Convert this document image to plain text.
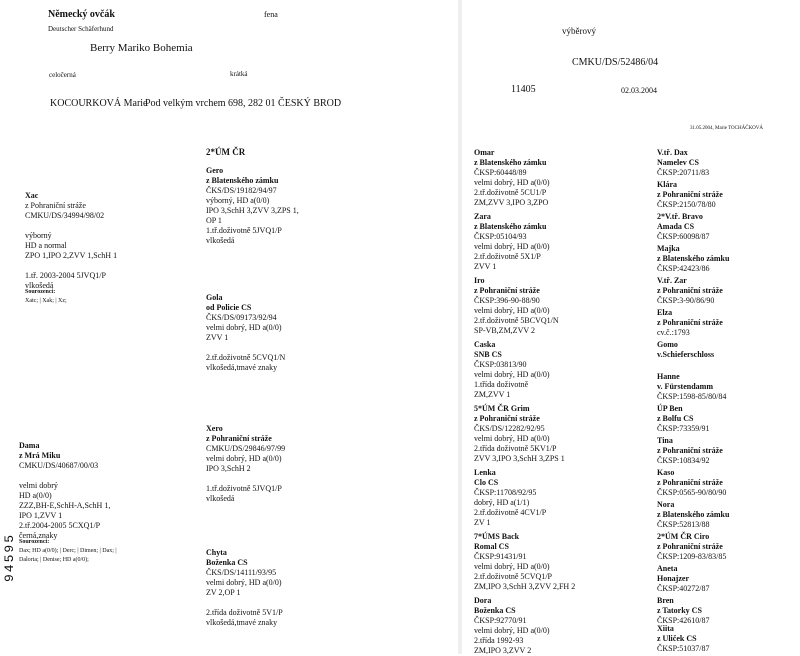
Německý ovčák
Deutscher Schäferhund
fena
výběrový
Berry Mariko Bohemia
CMKU/DS/52486/04
celočerná	krátká
11405	02.03.2004
KOCOURKOVÁ Marie
Pod velkým vrchem 698, 282 01 ČESKÝ BROD
31.05.2004, Marie TOCHÁČKOVÁ
Xac
z Pohraniční stráže
CMKU/DS/34994/98/02

výborný
HD a normal
ZPO 1,IPO 2,ZVV 1,SchH 1

1.tř. 2003-2004 5JVQ1/P
vlkošedá
Sourozenci:
Xatc; | Xak; | Xz;
Dama
z Mrá Miku
CMKU/DS/40687/00/03

velmi dobrý
HD a(0/0)
ZZZ,BH-E,SchH-A,SchH 1,
IPO 1,ZVV 1
2.tř.2004-2005 5CXQ1/P
černá,znaky
Sourozenci:
Dax; HD a(0/0); | Derc; | Dimen; | Dax; |
Dalorta; | Denise; HD a(0/0);
2*ÚM ČR
Gero
z Blatenského zámku
ČKS/DS/19182/94/97
výborný, HD a(0/0)
IPO 3,SchH 3,ZVV 3,ZPS 1,
OP 1
1.tř.doživotně 5JVQ1/P
vlkošedá
Gola
od Policie CS
ČKS/DS/09173/92/94
velmi dobrý, HD a(0/0)
ZVV 1

2.tř.doživotně 5CVQ1/N
vlkošedá,tmavé znaky
Xero
z Pohraniční stráže
CMKU/DS/29846/97/99
velmi dobrý, HD a(0/0)
IPO 3,SchH 2

1.tř.doživotně 5JVQ1/P
vlkošedá
Chyta
Boženka CS
ČKS/DS/14111/93/95
velmi dobrý, HD a(0/0)
ZV 2,OP 1

2.třída doživotně 5V1/P
vlkošedá,tmavé znaky
Omar
z Blatenského zámku
ČKSP:60448/89
velmi dobrý, HD a(0/0)
2.tř.doživotně 5CU1/P
ZM,ZVV 3,IPO 3,ZPO
Zara
z Blatenského zámku
ČKSP:05104/93
velmi dobrý, HD a(0/0)
2.tř.doživotně 5X1/P
ZVV 1
Iro
z Pohraniční stráže
ČKSP:396-90-88/90
velmi dobrý, HD a(0/0)
2.tř.doživotně 5BCVQ1/N
SP-VB,ZM,ZVV 2
Caska
SNB CS
ČKSP:03813/90
velmi dobrý, HD a(0/0)
1.třída doživotně
ZM,ZVV 1
5*ÚM ČR Grim
z Pohraniční stráže
ČKS/DS/12282/92/95
velmi dobrý, HD a(0/0)
2.třída doživotně 5KV1/P
ZVV 3,IPO 3,SchH 3,ZPS 1
Lenka
Clo CS
ČKSP:11708/92/95
dobrý, HD a(1/1)
2.tř.doživotně 4CV1/P
ZV 1
7*ÚMS Back
Romal CS
ČKSP:91431/91
velmi dobrý, HD a(0/0)
2.tř.doživotně 5CVQ1/P
ZM,IPO 3,SchH 3,ZVV 2,FH 2
Dora
Boženka CS
ČKSP:92770/91
velmi dobrý, HD a(0/0)
2.třída 1992-93
ZM,IPO 3,ZVV 2
V.tř. Dax
Namelev CS
ČKSP:20711/83
Klára
z Pohraniční stráže
ČKSP:2150/78/80
2*V.tř. Bravo
Amada CS
ČKSP:60098/87
Majka
z Blatenského zámku
ČKSP:42423/86
V.tř. Zar
z Pohraniční stráže
ČKSP:3-90/86/90
Elza
z Pohraniční stráže
cv.č.:1793
Gomo
v.Schieferschloss

Hanne
v. Fürstendamm
ČKSP:1598-85/80/84
ÚP Ben
z Bolfu CS
ČKSP:73359/91
Tina
z Pohraniční stráže
ČKSP:10834/92
Kaso
z Pohraniční stráže
ČKSP:0565-90/80/90
Nora
z Blatenského zámku
ČKSP:52813/88
2*ÚM ČR Ciro
z Pohraniční stráže
ČKSP:1209-83/83/85
Aneta
Honajzer
ČKSP:40272/87
Bren
z Tatorky CS
ČKSP:42610/87
Xiita
z Uliček CS
ČKSP:51037/87
94595
